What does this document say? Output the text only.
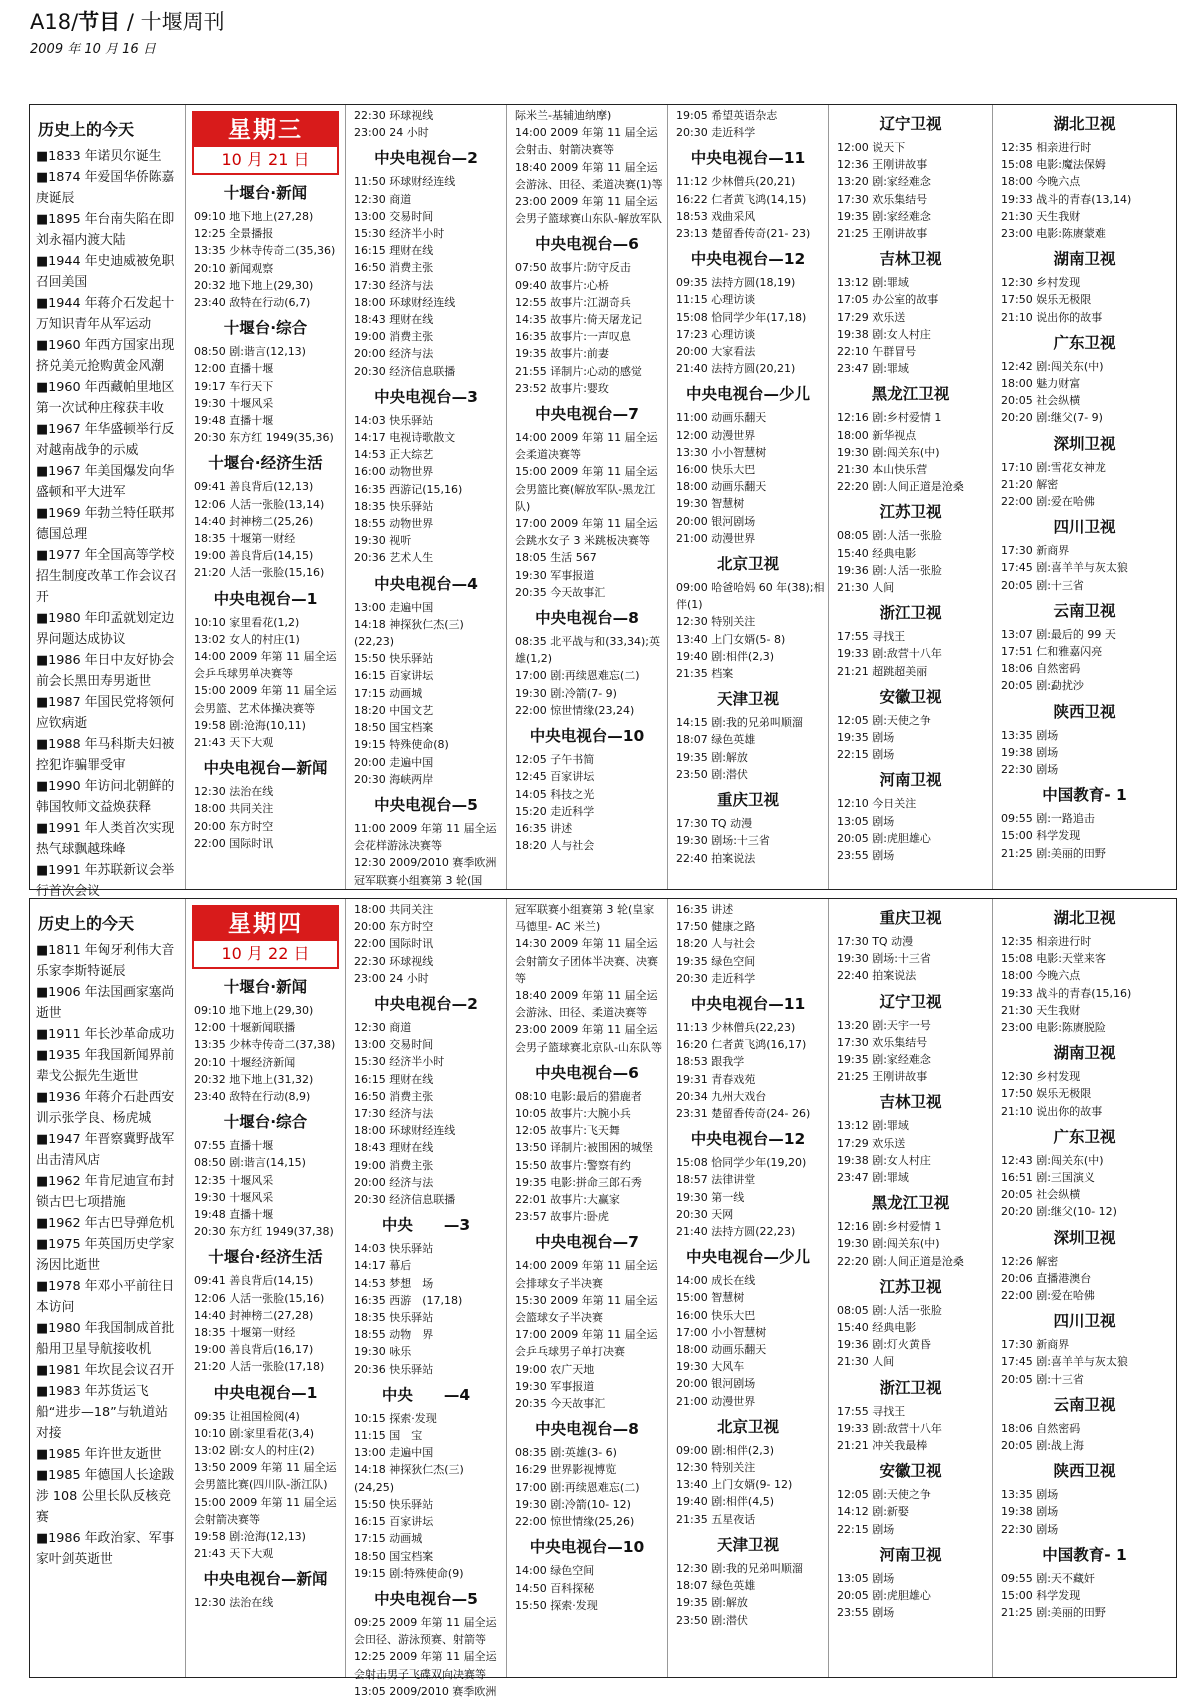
A18/节目 / 十堰周刊
2009 年 10 月 16 日
历史上的今天
■1833 年诺贝尔诞生
■1874 年爱国华侨陈嘉庚诞辰
■1895 年台南失陷在即刘永福内渡大陆
■1944 年史迪威被免职召回美国
■1944 年蒋介石发起十万知识青年从军运动
■1960 年西方国家出现挤兑美元抢购黄金风潮
■1960 年西藏帕里地区第一次试种庄稼获丰收
■1967 年华盛顿举行反对越南战争的示威
■1967 年美国爆发向华盛顿和平大进军
■1969 年勃兰特任联邦德国总理
■1977 年全国高等学校招生制度改革工作会议召开
■1980 年印孟就划定边界问题达成协议
■1986 年日中友好协会前会长黑田寿男逝世
■1987 年国民党将领何应钦病逝
■1988 年马科斯夫妇被控犯诈骗罪受审
■1990 年访问北朝鲜的韩国牧师文益焕获释
■1991 年人类首次实现热气球飘越珠峰
■1991 年苏联新议会举行首次会议
星期三
10 月 21 日
十堰台·新闻
09:10 地下地上(27,28)
12:25 全景播报
13:35 少林寺传奇二(35,36)
20:10 新闻观察
20:32 地下地上(29,30)
23:40 敌特在行动(6,7)
十堰台·综合
08:50 剧:谐言(12,13)
12:00 直播十堰
19:17 车行天下
19:30 十堰风采
19:48 直播十堰
20:30 东方红 1949(35,36)
十堰台·经济生活
09:41 善良背后(12,13)
12:06 人活一张脸(13,14)
14:40 封神榜二(25,26)
18:35 十堰第一财经
19:00 善良背后(14,15)
21:20 人活一张脸(15,16)
中央电视台—1
10:10 家里看花(1,2)
13:02 女人的村庄(1)
14:00 2009 年第 11 届全运会乒乓球男单决赛等
15:00 2009 年第 11 届全运会男篮、艺术体操决赛等
19:58 剧:沧海(10,11)
21:43 天下大观
中央电视台—新闻
12:30 法治在线
18:00 共同关注
20:00 东方时空
22:00 国际时讯
22:30 环球视线
23:00 24 小时
中央电视台—2
11:50 环球财经连线
12:30 商道
13:00 交易时间
15:30 经济半小时
16:15 理财在线
16:50 消费主张
17:30 经济与法
18:00 环球财经连线
18:43 理财在线
19:00 消费主张
20:00 经济与法
20:30 经济信息联播
中央电视台—3
14:03 快乐驿站
14:17 电视诗歌散文
14:53 正大综艺
16:00 动物世界
16:35 西游记(15,16)
18:35 快乐驿站
18:55 动物世界
19:30 视听
20:36 艺术人生
中央电视台—4
13:00 走遍中国
14:18 神探狄仁杰(三)(22,23)
15:50 快乐驿站
16:15 百家讲坛
17:15 动画城
18:20 中国文艺
18:50 国宝档案
19:15 特殊使命(8)
20:00 走遍中国
20:30 海峡两岸
中央电视台—5
11:00 2009 年第 11 届全运会花样游泳决赛等
12:30 2009/2010 赛季欧洲冠军联赛小组赛第 3 轮(国
际米兰-基辅迪纳摩)
14:00 2009 年第 11 届全运会射击、射箭决赛等
18:40 2009 年第 11 届全运会游泳、田径、柔道决赛(1)等
23:00 2009 年第 11 届全运会男子篮球赛山东队-解放军队
中央电视台—6
07:50 故事片:防守反击
09:40 故事片:心桥
12:55 故事片:江湖奇兵
14:35 故事片:倚天屠龙记
16:35 故事片:一声叹息
19:35 故事片:前妻
21:55 译制片:心动的感觉
23:52 故事片:婴玫
中央电视台—7
14:00 2009 年第 11 届全运会柔道决赛等
15:00 2009 年第 11 届全运会男篮比赛(解放军队-黑龙江队)
17:00 2009 年第 11 届全运会跳水女子 3 米跳板决赛等
18:05 生活 567
19:30 军事报道
20:35 今天故事汇
中央电视台—8
08:35 北平战与和(33,34);英雄(1,2)
17:00 剧:再续恩难忘(二)
19:30 剧:冷箭(7- 9)
22:00 惊世情缘(23,24)
中央电视台—10
12:05 子午书简
12:45 百家讲坛
14:05 科技之光
15:20 走近科学
16:35 讲述
18:20 人与社会
19:05 希望英语杂志
20:30 走近科学
中央电视台—11
11:12 少林僧兵(20,21)
16:22 仁者黄飞鸿(14,15)
18:53 戏曲采风
23:13 楚留香传奇(21- 23)
中央电视台—12
09:35 法持方圆(18,19)
11:15 心理访谈
15:08 恰同学少年(17,18)
17:23 心理访谈
20:00 大家看法
21:40 法持方圆(20,21)
中央电视台—少儿
11:00 动画乐翻天
12:00 动漫世界
13:30 小小智慧树
16:00 快乐大巴
18:00 动画乐翻天
19:30 智慧树
20:00 银河剧场
21:00 动漫世界
北京卫视
09:00 哈爸哈妈 60 年(38);相伴(1)
12:30 特别关注
13:40 上门女婿(5- 8)
19:40 剧:相伴(2,3)
21:35 档案
天津卫视
14:15 剧:我的兄弟叫顺溜
18:07 绿色英雄
19:35 剧:解放
23:50 剧:潜伏
重庆卫视
17:30 TQ 动漫
19:30 剧场:十三省
22:40 拍案说法
辽宁卫视
12:00 说天下
12:36 王刚讲故事
13:20 剧:家经难念
17:30 欢乐集结号
19:35 剧:家经难念
21:25 王刚讲故事
吉林卫视
13:12 剧:罪域
17:05 办公室的故事
17:29 欢乐送
19:38 剧:女人村庄
22:10 午群冒号
23:47 剧:罪域
黑龙江卫视
12:16 剧:乡村爱情 1
18:00 新华视点
19:30 剧:闯关东(中)
21:30 本山快乐营
22:20 剧:人间正道是沧桑
江苏卫视
08:05 剧:人活一张脸
15:40 经典电影
19:36 剧:人活一张脸
21:30 人间
浙江卫视
17:55 寻找王
19:33 剧:敌营十八年
21:21 超跳超美丽
安徽卫视
12:05 剧:天使之争
19:35 剧场
22:15 剧场
河南卫视
12:10 今日关注
13:05 剧场
20:05 剧:虎胆雄心
23:55 剧场
湖北卫视
12:35 相亲进行时
15:08 电影:魔法保姆
18:00 今晚六点
19:33 战斗的青春(13,14)
21:30 天生我财
23:00 电影:陈赓蒙难
湖南卫视
12:30 乡村发现
17:50 娱乐无极限
21:10 说出你的故事
广东卫视
12:42 剧:闯关东(中)
18:00 魅力财富
20:05 社会纵横
20:20 剧:继父(7- 9)
深圳卫视
17:10 剧:雪花女神龙
21:20 解密
22:00 剧:爱在哈佛
四川卫视
17:30 新商界
17:45 剧:喜羊羊与灰太狼
20:05 剧:十三省
云南卫视
13:07 剧:最后的 99 天
17:51 仁和雅嘉闪亮
18:06 自然密码
20:05 剧:勐扰沙
陕西卫视
13:35 剧场
19:38 剧场
22:30 剧场
中国教育- 1
09:55 剧:一路追击
15:00 科学发现
21:25 剧:美丽的田野
历史上的今天
■1811 年匈牙利伟大音乐家李斯特诞辰
■1906 年法国画家塞尚逝世
■1911 年长沙革命成功
■1935 年我国新闻界前辈戈公振先生逝世
■1936 年蒋介石赴西安训示张学良、杨虎城
■1947 年晋察冀野战军出击清风店
■1962 年肯尼迪宣布封锁古巴七项措施
■1962 年古巴导弹危机
■1975 年英国历史学家汤因比逝世
■1978 年邓小平前往日本访问
■1980 年我国制成首批船用卫星导航接收机
■1981 年坎昆会议召开
■1983 年苏货运飞船“进步—18”与轨道站对接
■1985 年许世友逝世
■1985 年德国人长途跋涉 108 公里长队反核竞赛
■1986 年政治家、军事家叶剑英逝世
星期四
10 月 22 日
十堰台·新闻
09:10 地下地上(29,30)
12:00 十堰新闻联播
13:35 少林寺传奇二(37,38)
20:10 十堰经济新闻
20:32 地下地上(31,32)
23:40 敌特在行动(8,9)
十堰台·综合
07:55 直播十堰
08:50 剧:谐言(14,15)
12:35 十堰风采
19:30 十堰风采
19:48 直播十堰
20:30 东方红 1949(37,38)
十堰台·经济生活
09:41 善良背后(14,15)
12:06 人活一张脸(15,16)
14:40 封神榜二(27,28)
18:35 十堰第一财经
19:00 善良背后(16,17)
21:20 人活一张脸(17,18)
中央电视台—1
09:35 让祖国检阅(4)
10:10 剧:家里看花(3,4)
13:02 剧:女人的村庄(2)
13:50 2009 年第 11 届全运会男篮比赛(四川队-浙江队)
15:00 2009 年第 11 届全运会射箭决赛等
19:58 剧:沧海(12,13)
21:43 天下大观
中央电视台—新闻
12:30 法治在线
18:00 共同关注
20:00 东方时空
22:00 国际时讯
22:30 环球视线
23:00 24 小时
中央电视台—2
12:30 商道
13:00 交易时间
15:30 经济半小时
16:15 理财在线
16:50 消费主张
17:30 经济与法
18:00 环球财经连线
18:43 理财在线
19:00 消费主张
20:00 经济与法
20:30 经济信息联播
中央　　—3
14:03 快乐驿站
14:17 幕后
14:53 梦想　场
16:35 西游　(17,18)
18:35 快乐驿站
18:55 动物　界
19:30 咏乐
20:36 快乐驿站
中央　　—4
10:15 探索·发现
11:15 国　宝
13:00 走遍中国
14:18 神探狄仁杰(三)(24,25)
15:50 快乐驿站
16:15 百家讲坛
17:15 动画城
18:50 国宝档案
19:15 剧:特殊使命(9)
中央电视台—5
09:25 2009 年第 11 届全运会田径、游泳预赛、射箭等
12:25 2009 年第 11 届全运会射击男子飞碟双向决赛等
13:05 2009/2010 赛季欧洲
冠军联赛小组赛第 3 轮(皇家马德里- AC 米兰)
14:30 2009 年第 11 届全运会射箭女子团体半决赛、决赛等
18:40 2009 年第 11 届全运会游泳、田径、柔道决赛等
23:00 2009 年第 11 届全运会男子篮球赛北京队-山东队等
中央电视台—6
08:10 电影:最后的猎鹿者
10:05 故事片:大腕小兵
12:05 故事片:飞天舞
13:50 译制片:被围困的城堡
15:50 故事片:警察有约
19:35 电影:拼命三郎石秀
22:01 故事片:大赢家
23:57 故事片:卧虎
中央电视台—7
14:00 2009 年第 11 届全运会排球女子半决赛
15:30 2009 年第 11 届全运会篮球女子半决赛
17:00 2009 年第 11 届全运会乒乓球男子单打决赛
19:00 农广天地
19:30 军事报道
20:35 今天故事汇
中央电视台—8
08:35 剧:英雄(3- 6)
16:29 世界影视博览
17:00 剧:再续恩难忘(二)
19:30 剧:冷箭(10- 12)
22:00 惊世情缘(25,26)
中央电视台—10
14:00 绿色空间
14:50 百科探秘
15:50 探索·发现
16:35 讲述
17:50 健康之路
18:20 人与社会
19:35 绿色空间
20:30 走近科学
中央电视台—11
11:13 少林僧兵(22,23)
16:20 仁者黄飞鸿(16,17)
18:53 跟我学
19:31 青春戏苑
20:34 九州大戏台
23:31 楚留香传奇(24- 26)
中央电视台—12
15:08 恰同学少年(19,20)
18:57 法律讲堂
19:30 第一线
20:30 天网
21:40 法持方圆(22,23)
中央电视台—少儿
14:00 成长在线
15:00 智慧树
16:00 快乐大巴
17:00 小小智慧树
18:00 动画乐翻天
19:30 大风车
20:00 银河剧场
21:00 动漫世界
北京卫视
09:00 剧:相伴(2,3)
12:30 特别关注
13:40 上门女婿(9- 12)
19:40 剧:相伴(4,5)
21:35 五星夜话
天津卫视
12:30 剧:我的兄弟叫顺溜
18:07 绿色英雄
19:35 剧:解放
23:50 剧:潜伏
重庆卫视
17:30 TQ 动漫
19:30 剧场:十三省
22:40 拍案说法
辽宁卫视
13:20 剧:天宇一号
17:30 欢乐集结号
19:35 剧:家经难念
21:25 王刚讲故事
吉林卫视
13:12 剧:罪域
17:29 欢乐送
19:38 剧:女人村庄
23:47 剧:罪域
黑龙江卫视
12:16 剧:乡村爱情 1
19:30 剧:闯关东(中)
22:20 剧:人间正道是沧桑
江苏卫视
08:05 剧:人活一张脸
15:40 经典电影
19:36 剧:灯火黄昏
21:30 人间
浙江卫视
17:55 寻找王
19:33 剧:敌营十八年
21:21 冲关我最棒
安徽卫视
12:05 剧:天使之争
14:12 剧:新娶
22:15 剧场
河南卫视
13:05 剧场
20:05 剧:虎胆雄心
23:55 剧场
湖北卫视
12:35 相亲进行时
15:08 电影:天堂来客
18:00 今晚六点
19:33 战斗的青春(15,16)
21:30 天生我财
23:00 电影:陈赓脱险
湖南卫视
12:30 乡村发现
17:50 娱乐无极限
21:10 说出你的故事
广东卫视
12:43 剧:闯关东(中)
16:51 剧:三国演义
20:05 社会纵横
20:20 剧:继父(10- 12)
深圳卫视
12:26 解密
20:06 直播港澳台
22:00 剧:爱在哈佛
四川卫视
17:30 新商界
17:45 剧:喜羊羊与灰太狼
20:05 剧:十三省
云南卫视
18:06 自然密码
20:05 剧:战上海
陕西卫视
13:35 剧场
19:38 剧场
22:30 剧场
中国教育- 1
09:55 剧:天不藏奸
15:00 科学发现
21:25 剧:美丽的田野
